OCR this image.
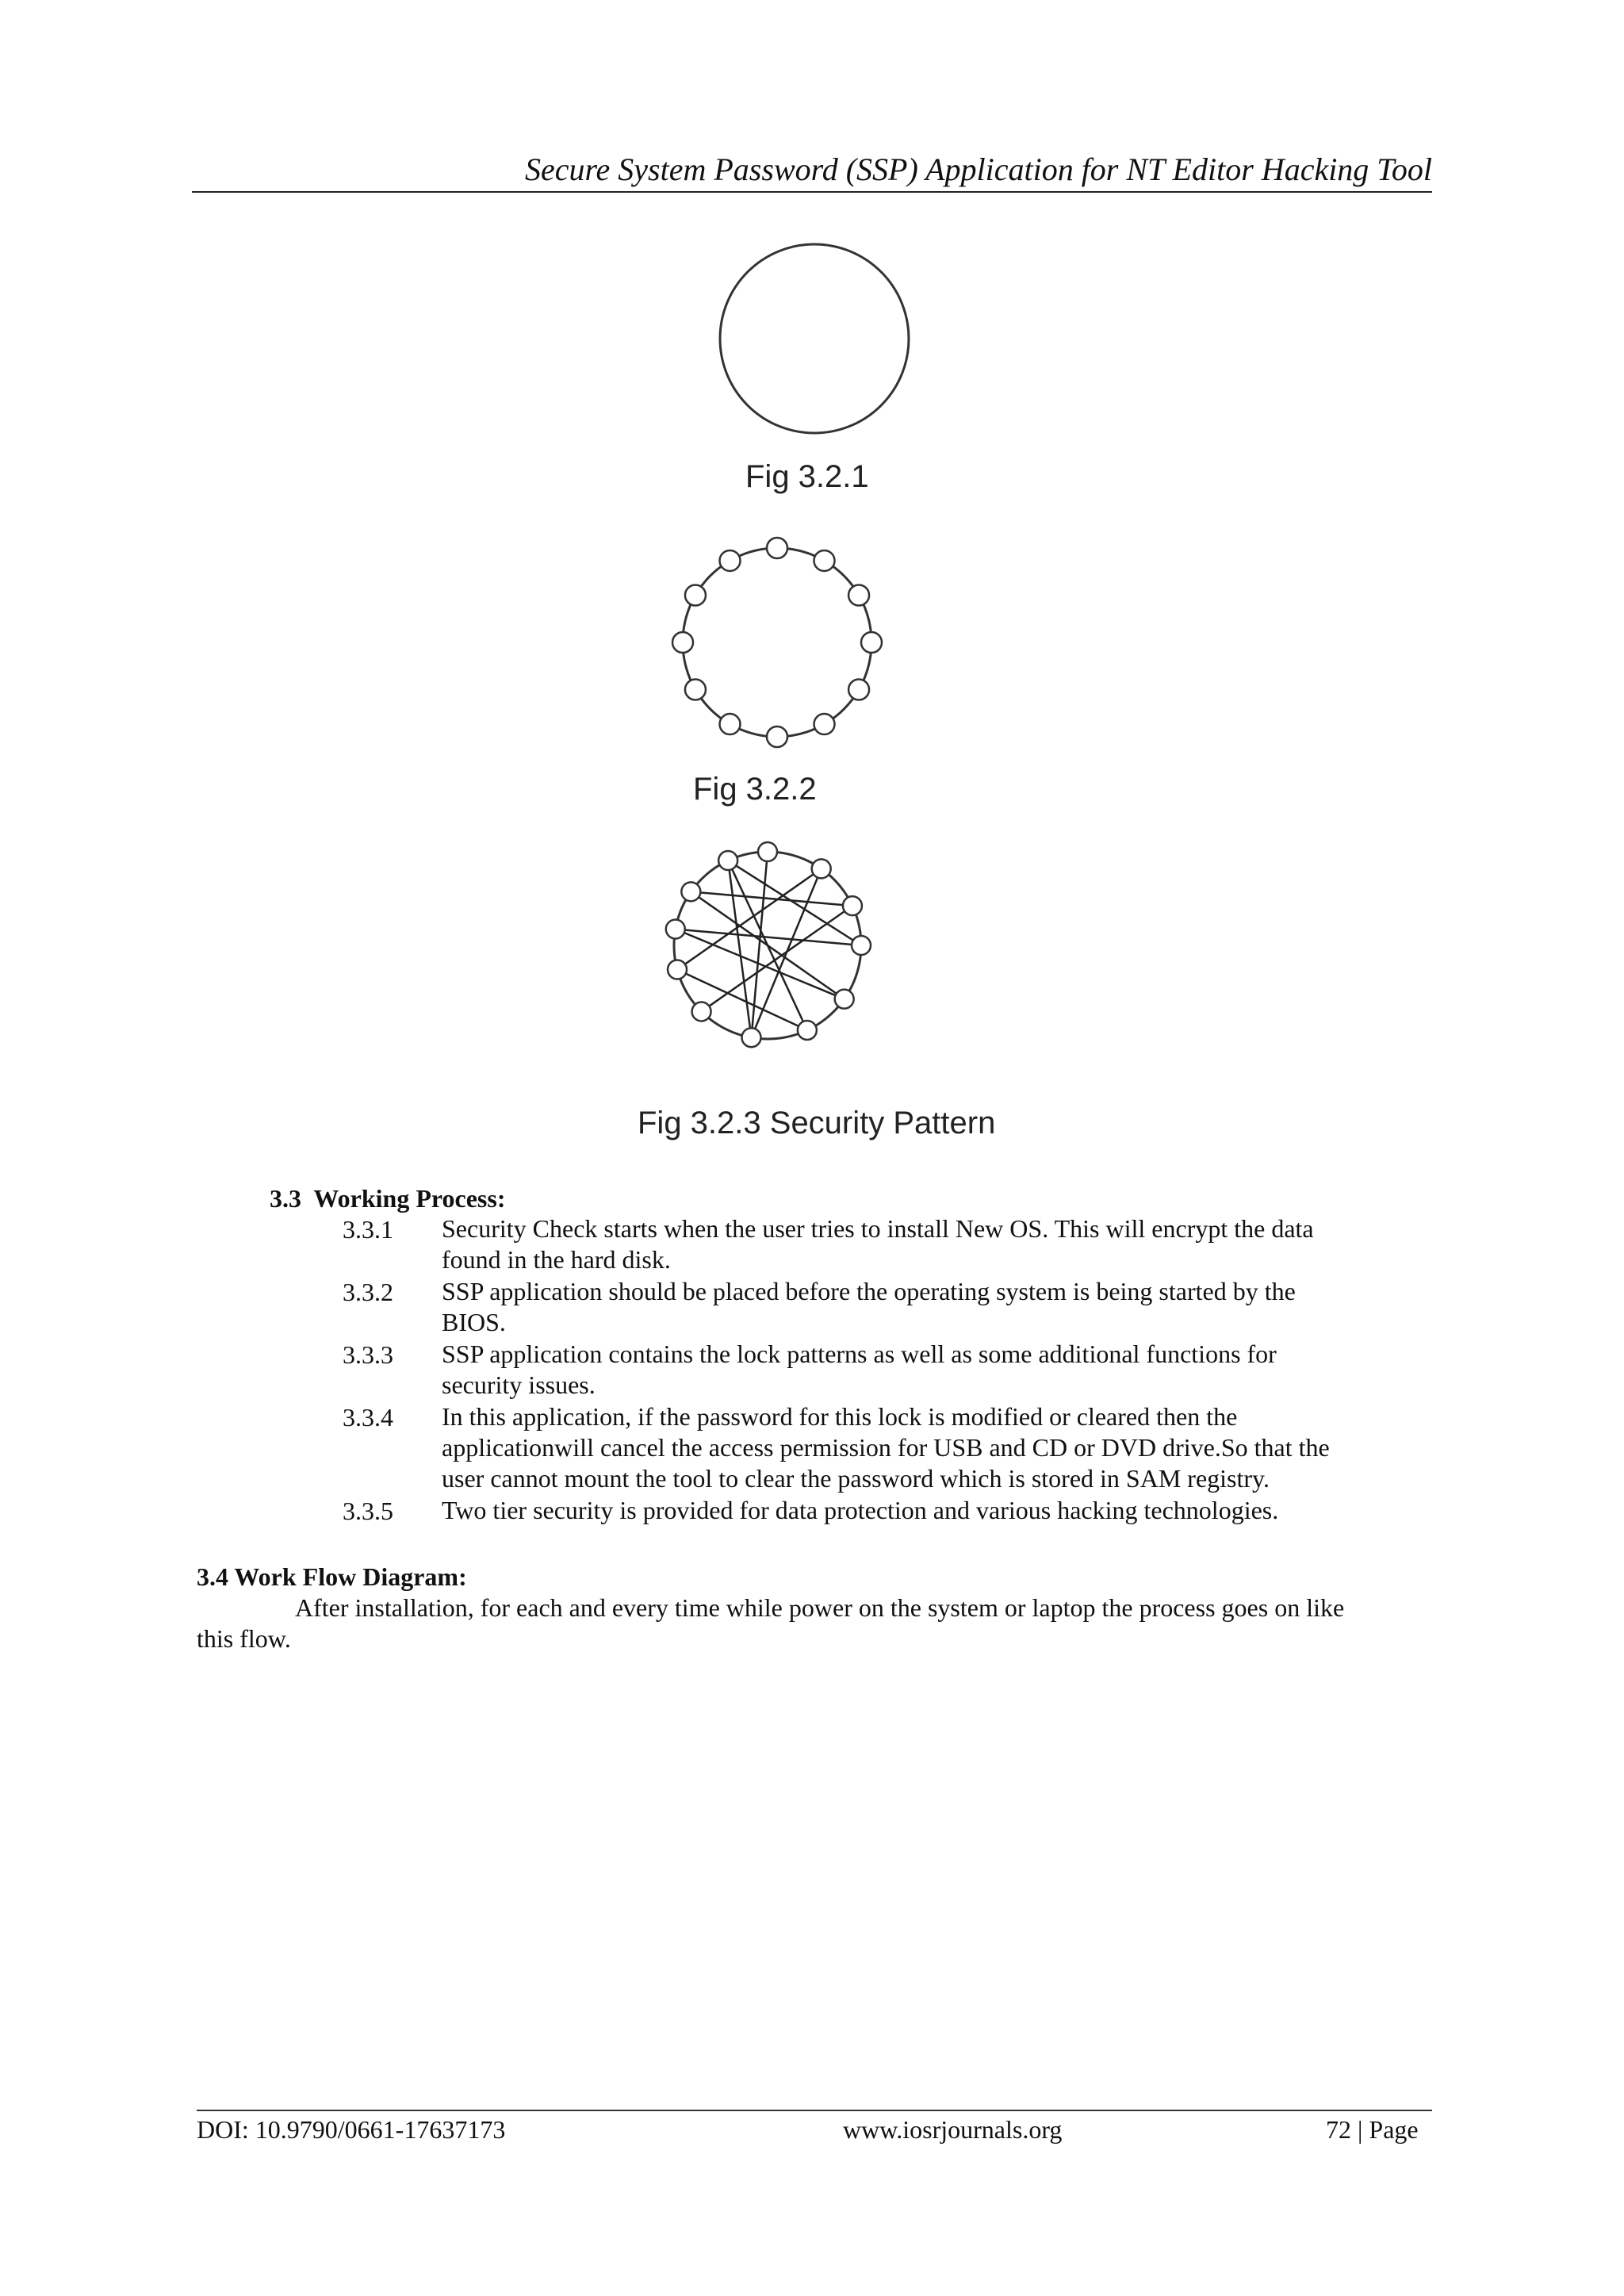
Secure System Password (SSP) Application for NT Editor Hacking Tool
Fig 3.2.1
Fig 3.2.2
Fig 3.2.3 Security Pattern
3.3  Working Process:
3.3.1 Security Check starts when the user tries to install New OS. This will encrypt the data
found in the hard disk.
3.3.2 SSP application should be placed before the operating system is being started by the
BIOS.
3.3.3 SSP application contains the lock patterns as well as some additional functions for
security issues.
3.3.4 In this application, if the password for this lock is modified or cleared then the
applicationwill cancel the access permission for USB and CD or DVD drive.So that the
user cannot mount the tool to clear the password which is stored in SAM registry.
3.3.5 Two tier security is provided for data protection and various hacking technologies.
3.4 Work Flow Diagram:
After installation, for each and every time while power on the system or laptop the process goes on like
this flow.
DOI: 10.9790/0661-17637173	www.iosrjournals.org	72 | Page
